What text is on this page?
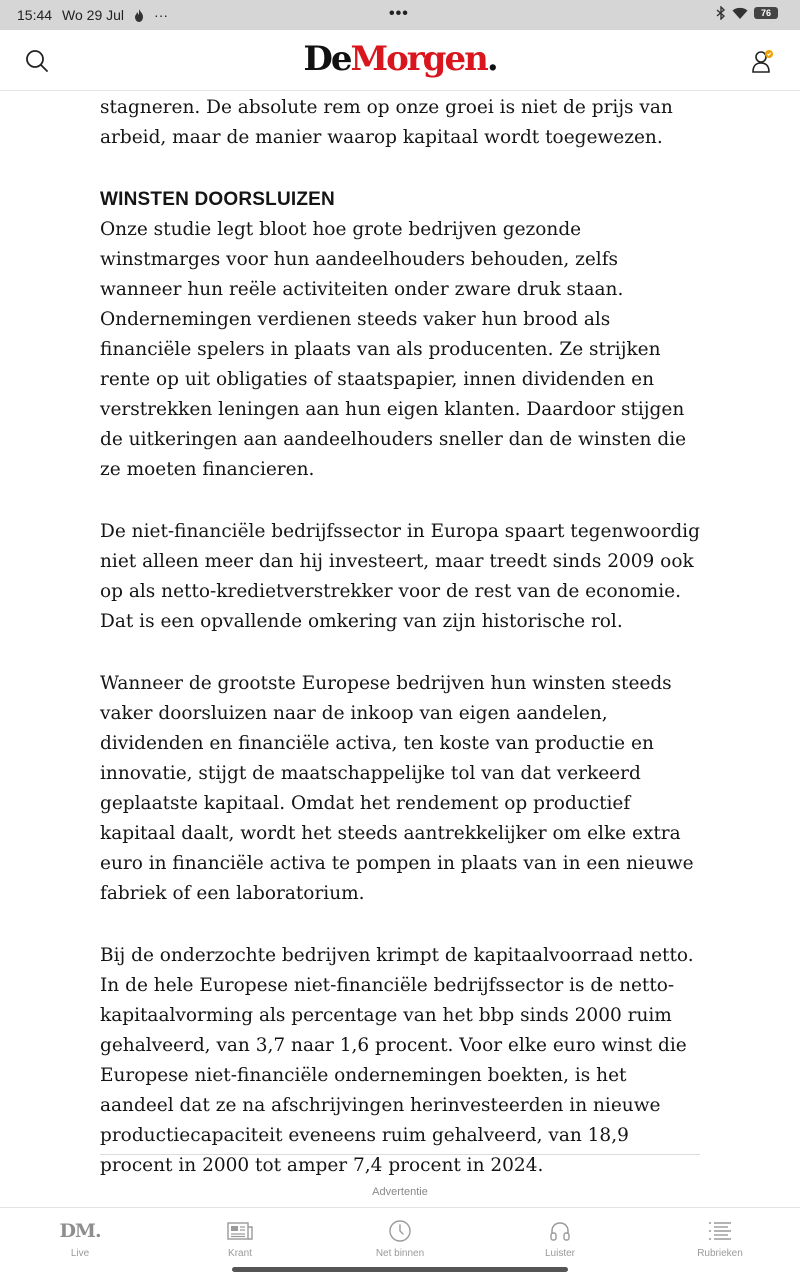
15:44 Wo 29 Jul ···	•••	76
DeMorgen.

stagneren. De absolute rem op onze groei is niet de prijs van arbeid, maar de manier waarop kapitaal wordt toegewezen.

WINSTEN DOORSLUIZEN

Onze studie legt bloot hoe grote bedrijven gezonde winstmarges voor hun aandeelhouders behouden, zelfs wanneer hun reële activiteiten onder zware druk staan. Ondernemingen verdienen steeds vaker hun brood als financiële spelers in plaats van als producenten. Ze strijken rente op uit obligaties of staatspapier, innen dividenden en verstrekken leningen aan hun eigen klanten. Daardoor stijgen de uitkeringen aan aandeelhouders sneller dan de winsten die ze moeten financieren.

De niet-financiële bedrijfssector in Europa spaart tegenwoordig niet alleen meer dan hij investeert, maar treedt sinds 2009 ook op als netto-kredietverstrekker voor de rest van de economie. Dat is een opvallende omkering van zijn historische rol.

Wanneer de grootste Europese bedrijven hun winsten steeds vaker doorsluizen naar de inkoop van eigen aandelen, dividenden en financiële activa, ten koste van productie en innovatie, stijgt de maatschappelijke tol van dat verkeerd geplaatste kapitaal. Omdat het rendement op productief kapitaal daalt, wordt het steeds aantrekkelijker om elke extra euro in financiële activa te pompen in plaats van in een nieuwe fabriek of een laboratorium.

Bij de onderzochte bedrijven krimpt de kapitaalvoorraad netto. In de hele Europese niet-financiële bedrijfssector is de netto-kapitaalvorming als percentage van het bbp sinds 2000 ruim gehalveerd, van 3,7 naar 1,6 procent. Voor elke euro winst die Europese niet-financiële ondernemingen boekten, is het aandeel dat ze na afschrijvingen herinvesteerden in nieuwe productiecapaciteit eveneens ruim gehalveerd, van 18,9 procent in 2000 tot amper 7,4 procent in 2024.

Advertentie
DM.
Live	Krant	Net binnen	Luister	Rubrieken
